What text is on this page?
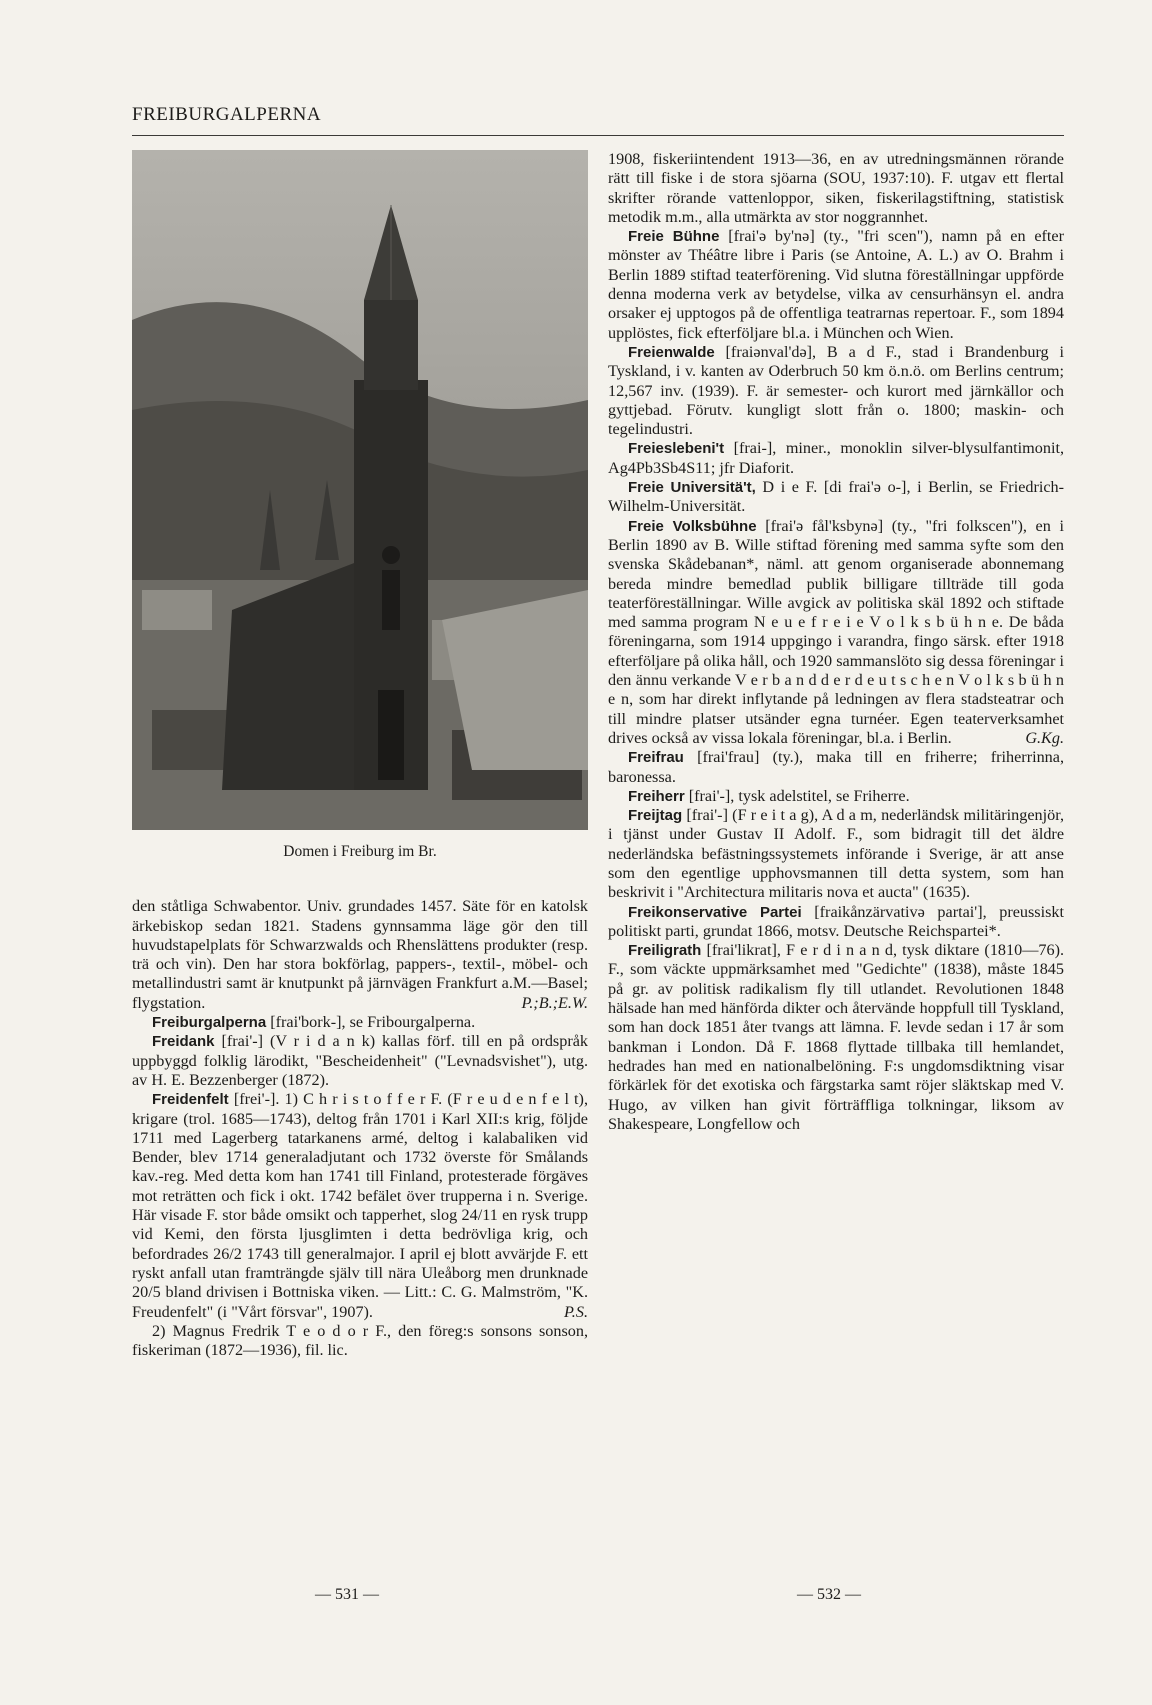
FREIBURGALPERNA
Domen i Freiburg im Br.

den ståtliga Schwabentor. Univ. grundades 1457. Säte för en katolsk ärkebiskop sedan 1821. Stadens gynnsamma läge gör den till huvudstapelplats för Schwarzwalds och Rhenslättens produkter (resp. trä och vin). Den har stora bokförlag, pappers-, textil-, möbel- och metallindustri samt är knutpunkt på järnvägen Frankfurt a.M.—Basel; flygstation.	P.;B.;E.W.

Freiburgalperna [frai'bork-], se Fribourgalperna.

Freidank [frai'-] (V r i d a n k) kallas förf. till en på ordspråk uppbyggd folklig lärodikt, "Bescheidenheit" ("Levnadsvishet"), utg. av H. E. Bezzenberger (1872).

Freidenfelt [frei'-]. 1) C h r i s t o f f e r F. (F r e u d e n f e l t), krigare (trol. 1685—1743), deltog från 1701 i Karl XII:s krig, följde 1711 med Lagerberg tatarkanens armé, deltog i kalabaliken vid Bender, blev 1714 generaladjutant och 1732 överste för Smålands kav.-reg. Med detta kom han 1741 till Finland, protesterade förgäves mot reträtten och fick i okt. 1742 befälet över trupperna i n. Sverige. Här visade F. stor både omsikt och tapperhet, slog 24/11 en rysk trupp vid Kemi, den första ljusglimten i detta bedrövliga krig, och befordrades 26/2 1743 till generalmajor. I april ej blott avvärjde F. ett ryskt anfall utan framträngde själv till nära Uleåborg men drunknade 20/5 bland drivisen i Bottniska viken. — Litt.: C. G. Malmström, "K. Freudenfelt" (i "Vårt försvar", 1907).	P.S.

2) Magnus Fredrik T e o d o r F., den föreg:s sonsons sonson, fiskeriman (1872—1936), fil. lic.

1908, fiskeriintendent 1913—36, en av utredningsmännen rörande rätt till fiske i de stora sjöarna (SOU, 1937:10). F. utgav ett flertal skrifter rörande vattenloppor, siken, fiskerilagstiftning, statistisk metodik m.m., alla utmärkta av stor noggrannhet.

Freie Bühne [frai'ə by'nə] (ty., "fri scen"), namn på en efter mönster av Théâtre libre i Paris (se Antoine, A. L.) av O. Brahm i Berlin 1889 stiftad teaterförening. Vid slutna föreställningar uppförde denna moderna verk av betydelse, vilka av censurhänsyn el. andra orsaker ej upptogos på de offentliga teatrarnas repertoar. F., som 1894 upplöstes, fick efterföljare bl.a. i München och Wien.

Freienwalde [fraiənval'də], B a d F., stad i Brandenburg i Tyskland, i v. kanten av Oderbruch 50 km ö.n.ö. om Berlins centrum; 12,567 inv. (1939). F. är semester- och kurort med järnkällor och gyttjebad. Förutv. kungligt slott från o. 1800; maskin- och tegelindustri.

Freieslebeni't [frai-], miner., monoklin silver-blysulfantimonit, Ag4Pb3Sb4S11; jfr Diaforit.

Freie Universitä't, D i e F. [di frai'ə o-], i Berlin, se Friedrich-Wilhelm-Universität.

Freie Volksbühne [frai'ə fål'ksbynə] (ty., "fri folkscen"), en i Berlin 1890 av B. Wille stiftad förening med samma syfte som den svenska Skådebanan*, näml. att genom organiserade abonnemang bereda mindre bemedlad publik billigare tillträde till goda teaterföreställningar. Wille avgick av politiska skäl 1892 och stiftade med samma program N e u e f r e i e V o l k s b ü h n e. De båda föreningarna, som 1914 uppgingo i varandra, fingo särsk. efter 1918 efterföljare på olika håll, och 1920 sammanslöto sig dessa föreningar i den ännu verkande V e r b a n d d e r d e u t s c h e n V o l k s b ü h n e n, som har direkt inflytande på ledningen av flera stadsteatrar och till mindre platser utsänder egna turnéer. Egen teaterverksamhet drives också av vissa lokala föreningar, bl.a. i Berlin.	G.Kg.

Freifrau [frai'frau] (ty.), maka till en friherre; friherrinna, baronessa.

Freiherr [frai'-], tysk adelstitel, se Friherre.

Freijtag [frai'-] (F r e i t a g), A d a m, nederländsk militäringenjör, i tjänst under Gustav II Adolf. F., som bidragit till det äldre nederländska befästningssystemets införande i Sverige, är att anse som den egentlige upphovsmannen till detta system, som han beskrivit i "Architectura militaris nova et aucta" (1635).

Freikonservative Partei [fraikånzärvativə partai'], preussiskt politiskt parti, grundat 1866, motsv. Deutsche Reichspartei*.

Freiligrath [frai'likrat], F e r d i n a n d, tysk diktare (1810—76). F., som väckte uppmärksamhet med "Gedichte" (1838), måste 1845 på gr. av politisk radikalism fly till utlandet. Revolutionen 1848 hälsade han med hänförda dikter och återvände hoppfull till Tyskland, som han dock 1851 åter tvangs att lämna. F. levde sedan i 17 år som bankman i London. Då F. 1868 flyttade tillbaka till hemlandet, hedrades han med en nationalbelöning. F:s ungdomsdiktning visar förkärlek för det exotiska och färgstarka samt röjer släktskap med V. Hugo, av vilken han givit förträffliga tolkningar, liksom av Shakespeare, Longfellow och

— 531 —	— 532 —
